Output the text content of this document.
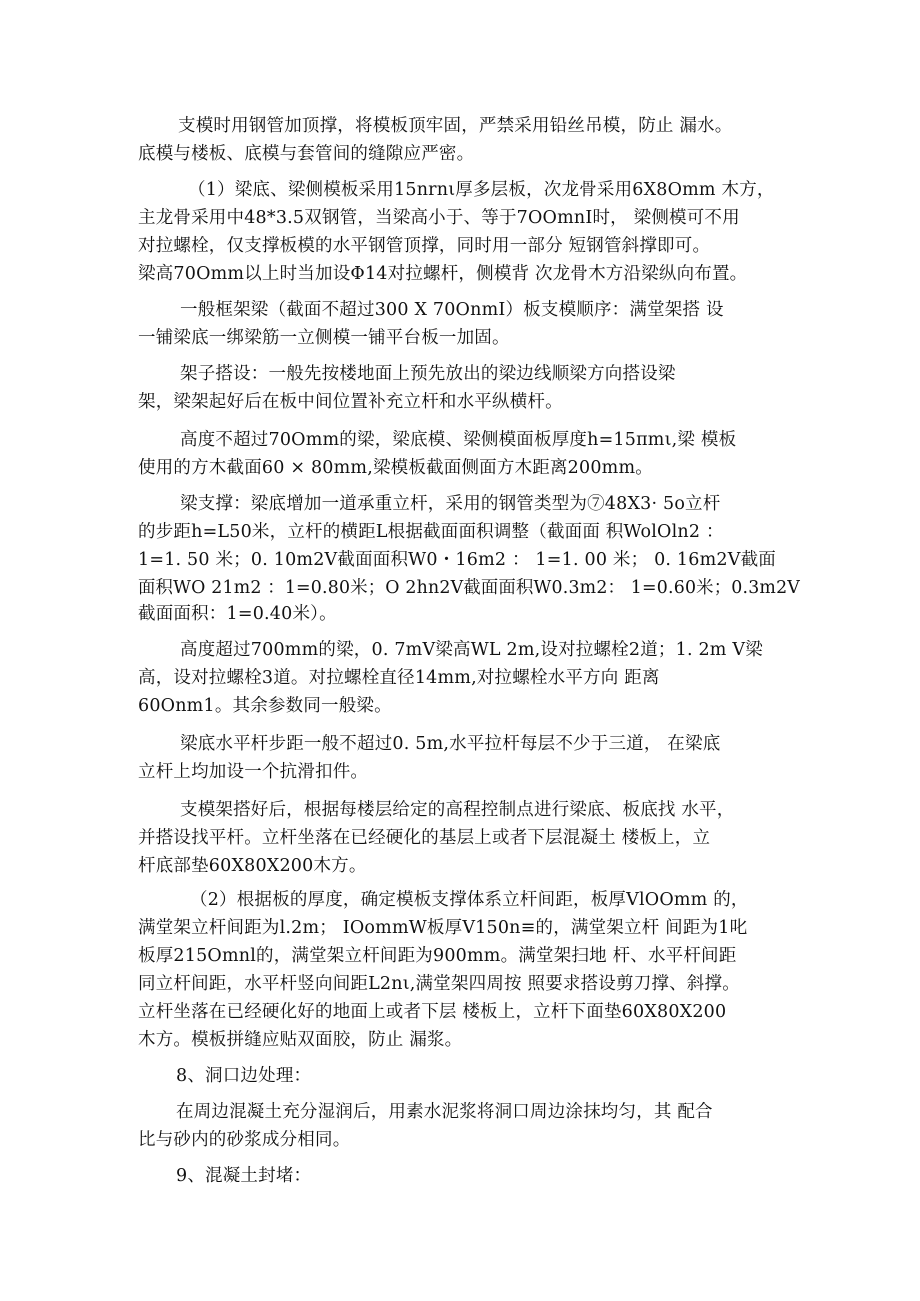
支模时用钢管加顶撑，将模板顶牢固，严禁采用铅丝吊模，防止 漏水。
底模与楼板、底模与套管间的缝隙应严密。
（1）梁底、梁侧模板采用15nrnι厚多层板，次龙骨采用6X8Omm 木方，
主龙骨采用中48*3.5双钢管，当梁高小于、等于7OOmnI时， 梁侧模可不用
对拉螺栓，仅支撑板模的水平钢管顶撑，同时用一部分 短钢管斜撑即可。
梁高70Omm以上时当加设Φ14对拉螺杆，侧模背 次龙骨木方沿梁纵向布置。
一般框架梁（截面不超过300 X 70OnmI）板支模顺序：满堂架搭 设
一铺梁底一绑梁筋一立侧模一铺平台板一加固。
架子搭设：一般先按楼地面上预先放出的梁边线顺梁方向搭设梁
架，梁架起好后在板中间位置补充立杆和水平纵横杆。
高度不超过70Omm的梁，梁底模、梁侧模面板厚度h=15πmι,梁 模板
使用的方木截面60 × 80mm,梁模板截面侧面方木距离200mm。
梁支撑：梁底增加一道承重立杆，采用的钢管类型为⑦48X3· 5o立杆
的步距h=L50米，立杆的横距L根据截面面积调整（截面面 积WolOln2 ：
1=1. 50 米；0. 10m2V截面面积W0・16m2 ： 1=1. 00 米； 0. 16m2V截面
面积WO 21m2 ：1=0.80米；O 2hn2V截面面积W0.3m2： 1=0.60米；0.3m2V
截面面积：1=0.40米）。
高度超过700mm的梁，0. 7mV梁高WL 2m,设对拉螺栓2道；1. 2m V梁
高，设对拉螺栓3道。对拉螺栓直径14mm,对拉螺栓水平方向 距离
60Onm1。其余参数同一般梁。
梁底水平杆步距一般不超过0. 5m,水平拉杆每层不少于三道， 在梁底
立杆上均加设一个抗滑扣件。
支模架搭好后，根据每楼层给定的高程控制点进行梁底、板底找 水平，
并搭设找平杆。立杆坐落在已经硬化的基层上或者下层混凝土 楼板上，立
杆底部垫60X80X200木方。
（2）根据板的厚度，确定模板支撑体系立杆间距，板厚VlOOmm 的，
满堂架立杆间距为l.2m； IOommW板厚V150n≡的，满堂架立杆 间距为1叱
板厚215Omnl的，满堂架立杆间距为900mm。满堂架扫地 杆、水平杆间距
同立杆间距，水平杆竖向间距L2nι,满堂架四周按 照要求搭设剪刀撑、斜撑。
立杆坐落在已经硬化好的地面上或者下层 楼板上，立杆下面垫60X80X200
木方。模板拼缝应贴双面胶，防止 漏浆。
8、洞口边处理：
在周边混凝土充分湿润后，用素水泥浆将洞口周边涂抹均匀，其 配合
比与砂内的砂浆成分相同。
9、混凝土封堵：
